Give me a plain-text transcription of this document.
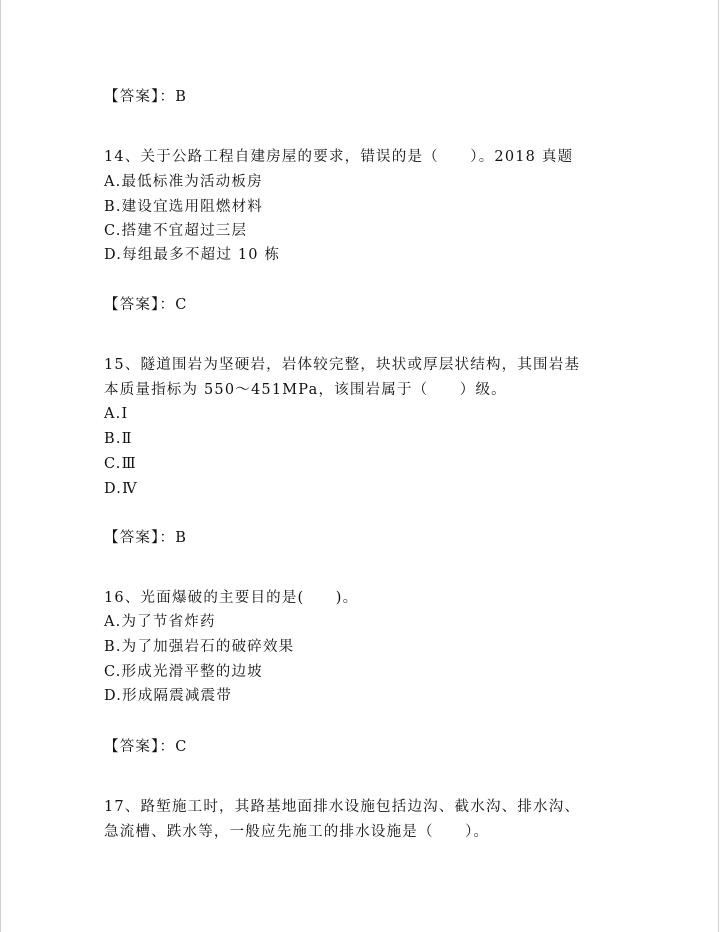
【答案】：B
14、关于公路工程自建房屋的要求，错误的是（　　）。2018 真题
A.最低标准为活动板房
B.建设宜选用阻燃材料
C.搭建不宜超过三层
D.每组最多不超过 10 栋
【答案】：C
15、隧道围岩为坚硬岩，岩体较完整，块状或厚层状结构，其围岩基
本质量指标为 550～451MPa，该围岩属于（　　）级。
A.Ⅰ
B.Ⅱ
C.Ⅲ
D.Ⅳ
【答案】：B
16、光面爆破的主要目的是(　　)。
A.为了节省炸药
B.为了加强岩石的破碎效果
C.形成光滑平整的边坡
D.形成隔震减震带
【答案】：C
17、路堑施工时，其路基地面排水设施包括边沟、截水沟、排水沟、
急流槽、跌水等，一般应先施工的排水设施是（　　）。
